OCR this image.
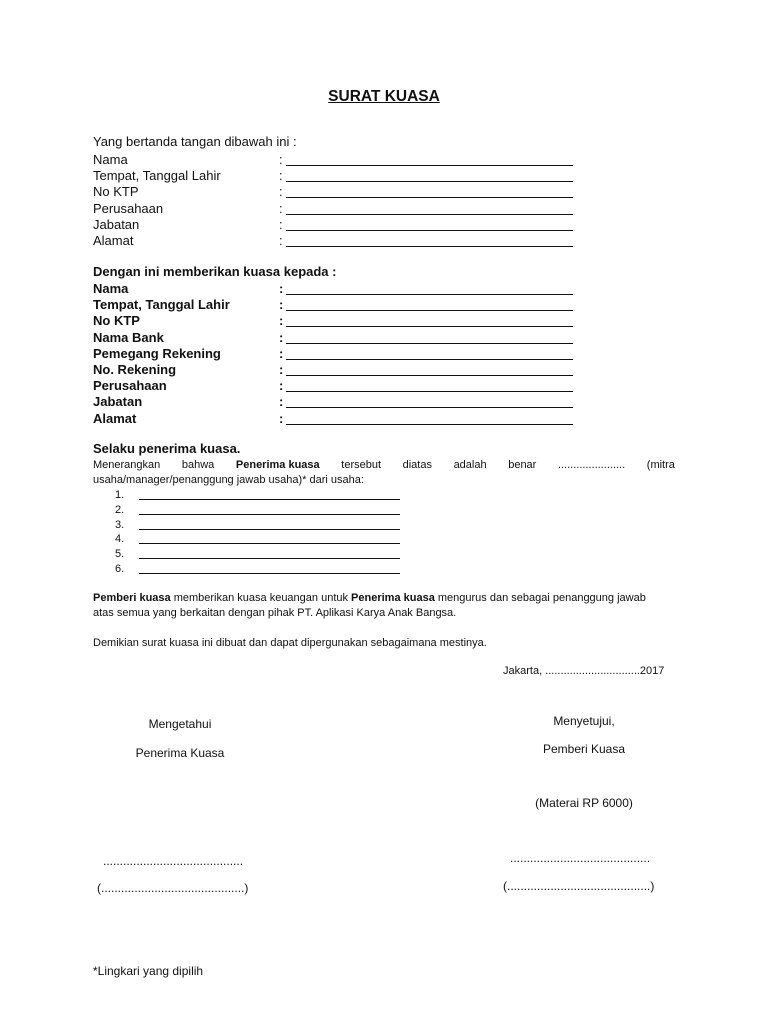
SURAT KUASA
Yang bertanda tangan dibawah ini :
Nama	:
Tempat, Tanggal Lahir	:
No KTP	:
Perusahaan	:
Jabatan	:
Alamat	:
Dengan ini memberikan kuasa kepada :
Nama	:
Tempat, Tanggal Lahir	:
No KTP	:
Nama Bank	:
Pemegang Rekening	:
No. Rekening	:
Perusahaan	:
Jabatan	:
Alamat	:
Selaku penerima kuasa.
Menerangkan bahwa Penerima kuasa tersebut diatas adalah benar ...................... (mitra
usaha/manager/penanggung jawab usaha)* dari usaha:
1.
2.
3.
4.
5.
6.
Pemberi kuasa memberikan kuasa keuangan untuk Penerima kuasa mengurus dan sebagai penanggung jawab
atas semua yang berkaitan dengan pihak PT. Aplikasi Karya Anak Bangsa.
Demikian surat kuasa ini dibuat dan dapat dipergunakan sebagaimana mestinya.
Jakarta, ...............................2017
Mengetahui
Penerima Kuasa
..........................................
(...........................................)
Menyetujui,
Pemberi Kuasa
(Materai RP 6000)
..........................................
(...........................................)
*Lingkari yang dipilih
